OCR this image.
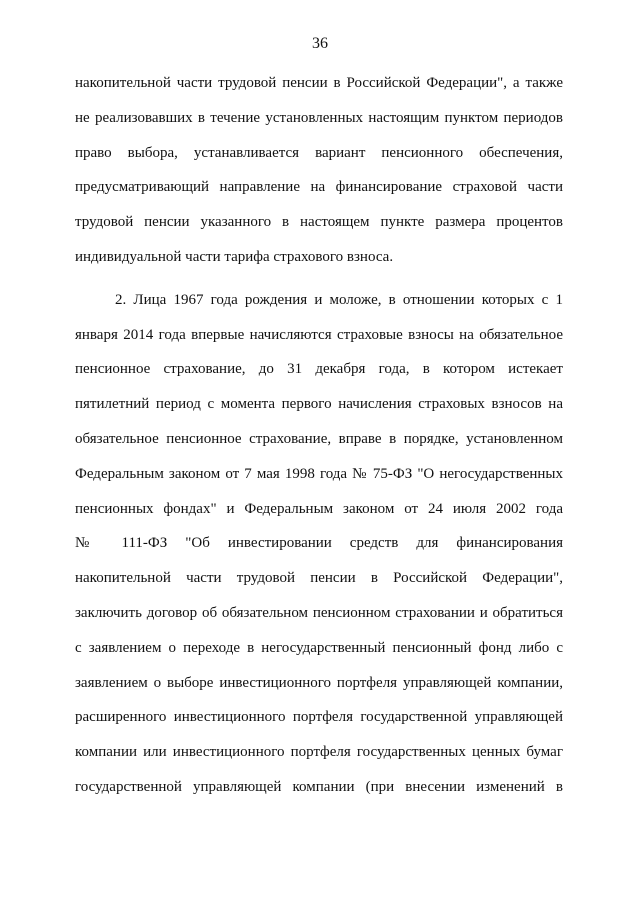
36
накопительной части трудовой пенсии в Российской Федерации", а также
не реализовавших в течение установленных настоящим пунктом периодов
право выбора, устанавливается вариант пенсионного обеспечения,
предусматривающий направление на финансирование страховой части
трудовой пенсии указанного в настоящем пункте размера процентов
индивидуальной части тарифа страхового взноса.
2. Лица 1967 года рождения и моложе, в отношении которых с 1
января 2014 года впервые начисляются страховые взносы на обязательное
пенсионное страхование, до 31 декабря года, в котором истекает
пятилетний период с момента первого начисления страховых взносов на
обязательное пенсионное страхование, вправе в порядке, установленном
Федеральным законом от 7 мая 1998 года № 75-ФЗ "О негосударственных
пенсионных фондах" и Федеральным законом от 24 июля 2002 года
№ 111-ФЗ "Об инвестировании средств для финансирования
накопительной части трудовой пенсии в Российской Федерации",
заключить договор об обязательном пенсионном страховании и обратиться
с заявлением о переходе в негосударственный пенсионный фонд либо с
заявлением о выборе инвестиционного портфеля управляющей компании,
расширенного инвестиционного портфеля государственной управляющей
компании или инвестиционного портфеля государственных ценных бумаг
государственной управляющей компании (при внесении изменений в
